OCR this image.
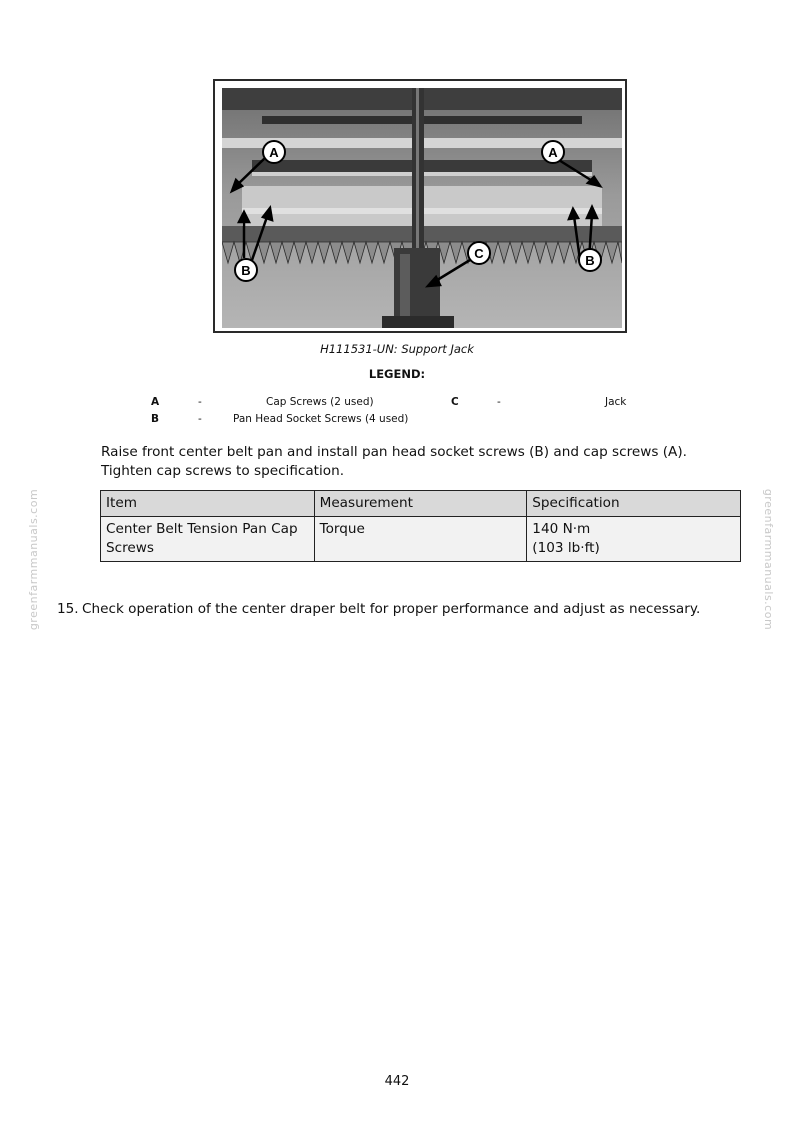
A	A
B
B
C
H111531-UN: Support Jack
LEGEND:
A	-	Cap Screws (2 used)	C	-	Jack
B	-	Pan Head Socket Screws (4 used)
Raise front center belt pan and install pan head socket screws (B) and cap screws (A). Tighten cap screws to specification.
Item	Measurement	Specification
Center Belt Tension Pan Cap Screws	Torque	140 N·m
(103 lb·ft)
15. Check operation of the center draper belt for proper performance and adjust as necessary.
greenfarmmanuals.com	greenfarmmanuals.com
442
